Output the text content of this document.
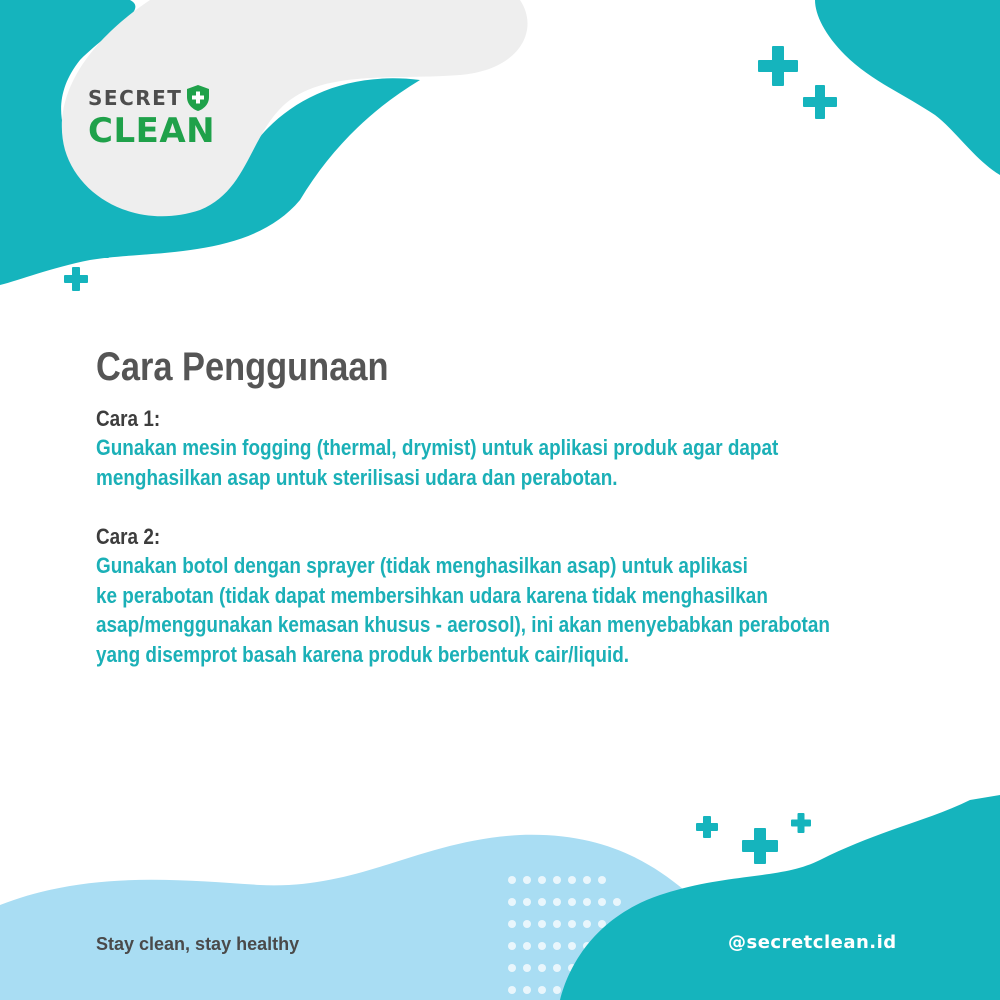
SECRET
CLEAN
Cara Penggunaan
Cara 1:
Gunakan mesin fogging (thermal, drymist) untuk aplikasi produk agar dapat
menghasilkan asap untuk sterilisasi udara dan perabotan.
Cara 2:
Gunakan botol dengan sprayer (tidak menghasilkan asap) untuk aplikasi
ke perabotan (tidak dapat membersihkan udara karena tidak menghasilkan
asap/menggunakan kemasan khusus - aerosol), ini akan menyebabkan perabotan
yang disemprot basah karena produk berbentuk cair/liquid.
Stay clean, stay healthy	@secretclean.id
